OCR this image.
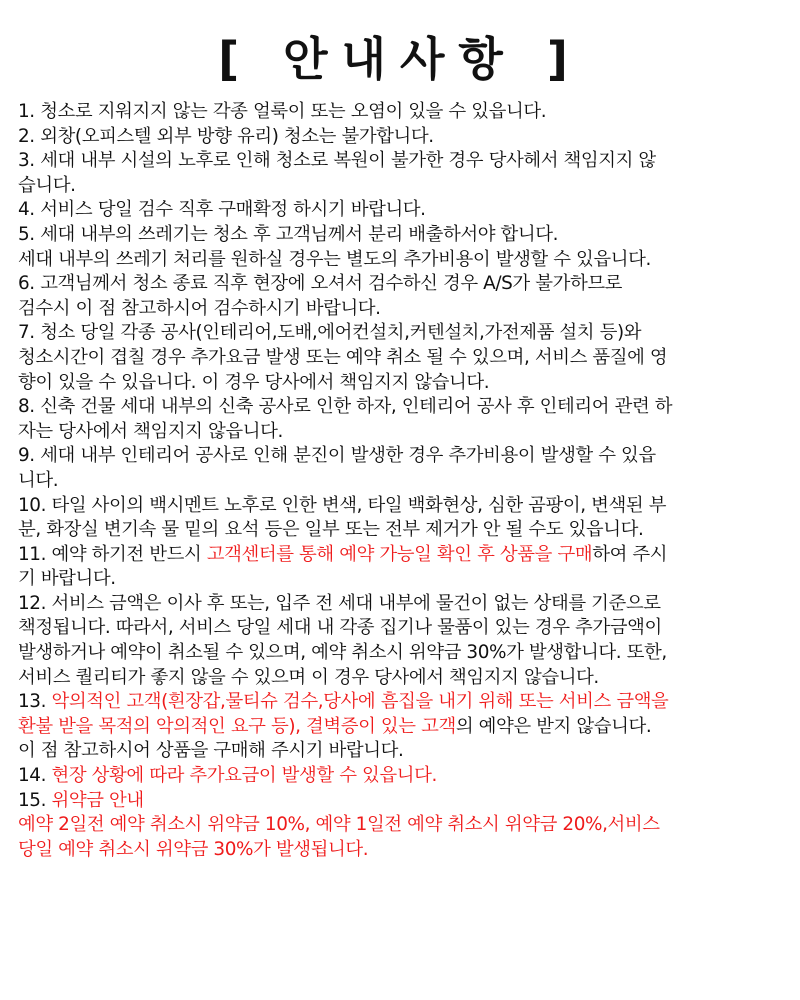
[ 안내사항 ]
1. 청소로 지워지지 않는 각종 얼룩이 또는 오염이 있을 수 있읍니다.
2. 외창(오피스텔 외부 방향 유리) 청소는 불가합니다.
3. 세대 내부 시설의 노후로 인해 청소로 복원이 불가한 경우 당사헤서 책임지지 않
습니다.
4. 서비스 당일 검수 직후 구매확정 하시기 바랍니다.
5. 세대 내부의 쓰레기는 청소 후 고객님께서 분리 배출하서야 합니다.
세대 내부의 쓰레기 처리를 원하실 경우는 별도의 추가비용이 발생할 수 있읍니다.
6. 고객님께서 청소 종료 직후 현장에 오셔서 검수하신 경우 A/S가 불가하므로
검수시 이 점 참고하시어 검수하시기 바랍니다.
7. 청소 당일 각종 공사(인테리어,도배,에어컨설치,커텐설치,가전제품 설치 등)와
청소시간이 겹칠 경우 추가요금 발생 또는 예약 취소 될 수 있으며, 서비스 품질에 영
향이 있을 수 있읍니다. 이 경우 당사에서 책임지지 않습니다.
8. 신축 건물 세대 내부의 신축 공사로 인한 하자, 인테리어 공사 후 인테리어 관련 하
자는 당사에서 책임지지 않읍니다.
9. 세대 내부 인테리어 공사로 인해 분진이 발생한 경우 추가비용이 발생할 수 있읍
니다.
10. 타일 사이의 백시멘트 노후로 인한 변색, 타일 백화현상, 심한 곰팡이, 변색된 부
분, 화장실 변기속 물 밑의 요석 등은 일부 또는 전부 제거가 안 될 수도 있읍니다.
11. 예약 하기전 반드시 고객센터를 통해 예약 가능일 확인 후 상품을 구매하여 주시
기 바랍니다.
12. 서비스 금액은 이사 후 또는, 입주 전 세대 내부에 물건이 없는 상태를 기준으로
책정됩니다. 따라서, 서비스 당일 세대 내 각종 집기나 물품이 있는 경우 추가금액이
발생하거나 예약이 취소될 수 있으며, 예약 취소시 위약금 30%가 발생합니다. 또한,
서비스 퀄리티가 좋지 않을 수 있으며 이 경우 당사에서 책임지지 않습니다.
13. 악의적인 고객(흰장갑,물티슈 검수,당사에 흠집을 내기 위해 또는 서비스 금액을
환불 받을 목적의 악의적인 요구 등), 결벽증이 있는 고객의 예약은 받지 않습니다.
이 점 참고하시어 상품을 구매해 주시기 바랍니다.
14. 현장 상황에 따라 추가요금이 발생할 수 있읍니다.
15. 위약금 안내
예약 2일전 예약 취소시 위약금 10%, 예약 1일전 예약 취소시 위약금 20%,서비스
당일 예약 취소시 위약금 30%가 발생됩니다.
